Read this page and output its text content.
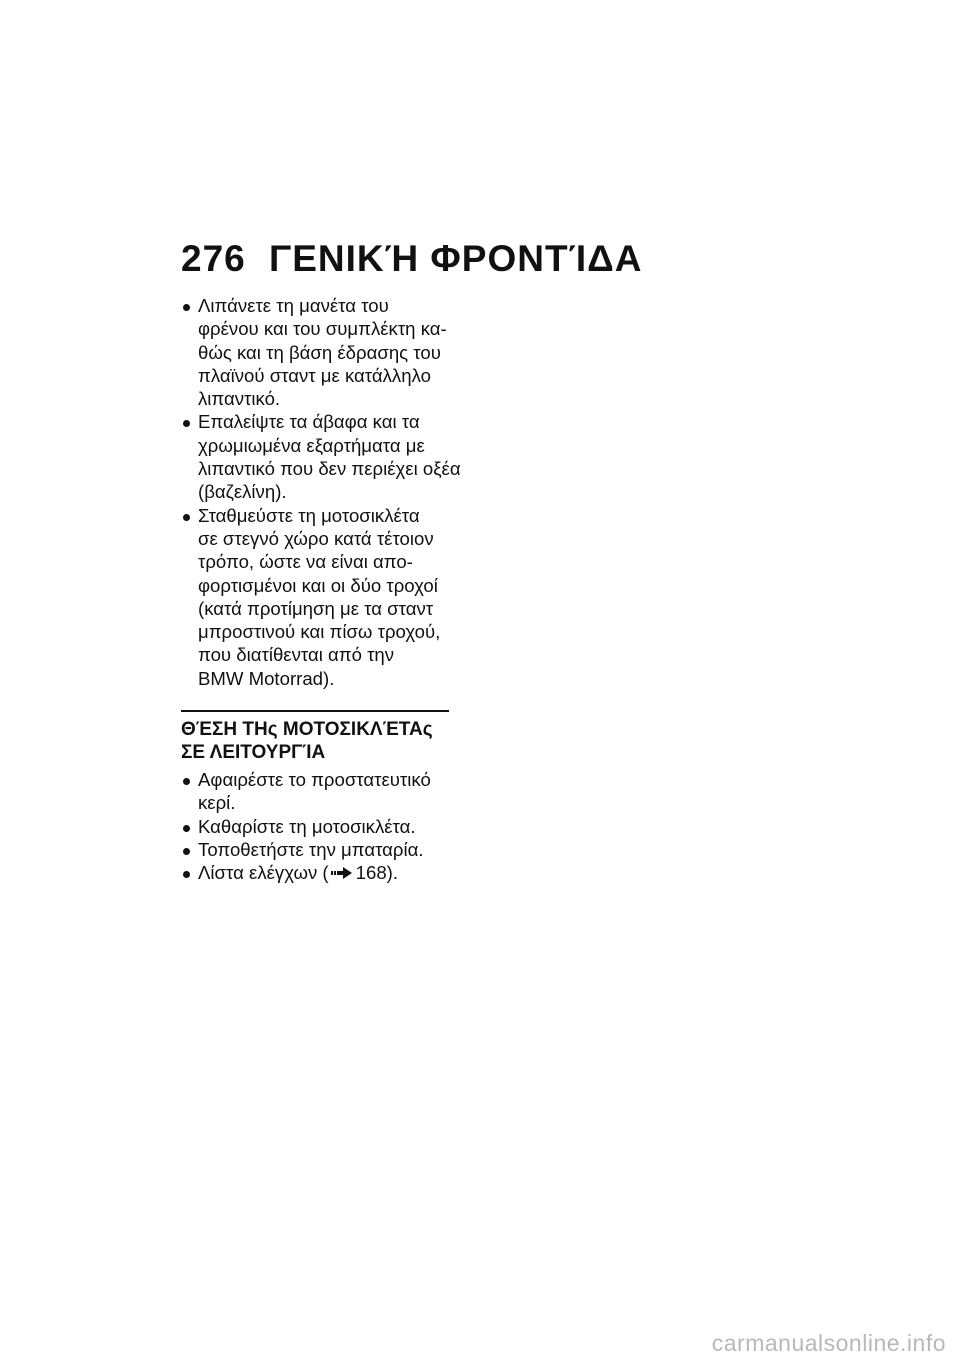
276 ΓΕΝΙΚΉ ΦΡΟΝΤΊΔΑ
Λιπάνετε τη μανέτα του
φρένου και του συμπλέκτη κα-
θώς και τη βάση έδρασης του
πλαϊνού σταντ με κατάλληλο
λιπαντικό.
Επαλείψτε τα άβαφα και τα
χρωμιωμένα εξαρτήματα με
λιπαντικό που δεν περιέχει οξέα
(βαζελίνη).
Σταθμεύστε τη μοτοσικλέτα
σε στεγνό χώρο κατά τέτοιον
τρόπο, ώστε να είναι απο-
φορτισμένοι και οι δύο τροχοί
(κατά προτίμηση με τα σταντ
μπροστινού και πίσω τροχού,
που διατίθενται από την
BMW Motorrad).
ΘΈΣΗ ΤΗς ΜΟΤΟΣΙΚΛΈΤΑς
ΣΕ ΛΕΙΤΟΥΡΓΊΑ
Αφαιρέστε το προστατευτικό
κερί.
Καθαρίστε τη μοτοσικλέτα.
Τοποθετήστε την μπαταρία.
Λίστα ελέγχων ( 168).
carmanualsonline.info
